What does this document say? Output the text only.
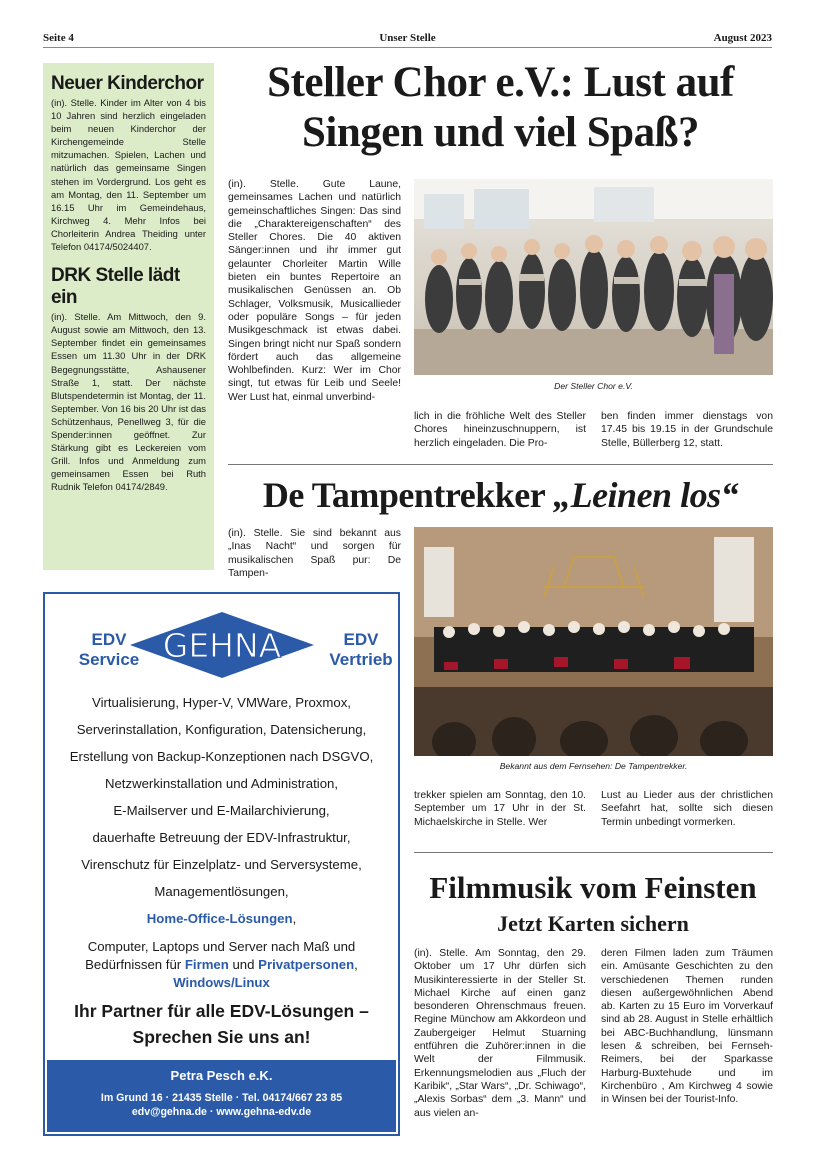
Seite 4	Unser Stelle	August 2023
Neuer Kinderchor
(in). Stelle. Kinder im Alter von 4 bis 10 Jahren sind herzlich eingeladen beim neuen Kinderchor der Kirchengemeinde Stelle mitzumachen. Spielen, Lachen und natürlich das gemeinsame Singen stehen im Vordergrund. Los geht es am Montag, den 11. September um 16.15 Uhr im Gemeindehaus, Kirchweg 4. Mehr Infos bei Chorleiterin Andrea Theiding unter Telefon 04174/5024407.
DRK Stelle lädt ein
(in). Stelle. Am Mittwoch, den 9. August sowie am Mittwoch, den 13. September findet ein gemeinsames Essen um 11.30 Uhr in der DRK Begegnungsstätte, Ashausener Straße 1, statt. Der nächste Blutspendetermin ist Montag, der 11. September. Von 16 bis 20 Uhr ist das Schützenhaus, Penellweg 3, für die Spender:innen geöffnet. Zur Stärkung gibt es Leckereien vom Grill. Infos und Anmeldung zum gemeinsamen Essen bei Ruth Rudnik Telefon 04174/2849.
Steller Chor e.V.: Lust auf
Singen und viel Spaß?
(in). Stelle. Gute Laune, gemeinsames Lachen und natürlich gemeinschaftliches Singen: Das sind die „Charaktereigenschaften“ des Steller Chores. Die 40 aktiven Sänger:innen und ihr immer gut gelaunter Chorleiter Martin Wille bieten ein buntes Repertoire an musikalischen Genüssen an. Ob Schlager, Volksmusik, Musicallieder oder populäre Songs – für jeden Musikgeschmack ist etwas dabei. Singen bringt nicht nur Spaß sondern fördert auch das allgemeine Wohlbefinden. Kurz: Wer im Chor singt, tut etwas für Leib und Seele! Wer Lust hat, einmal unverbind-
Der Steller Chor e.V.
lich in die fröhliche Welt des Steller Chores hineinzuschnuppern, ist herzlich eingeladen. Die Pro-
ben finden immer dienstags von 17.45 bis 19.15 in der Grundschule Stelle, Büllerberg 12, statt.
De Tampentrekker „Leinen los“
(in). Stelle. Sie sind bekannt aus „Inas Nacht“ und sorgen für musikalischen Spaß pur: De Tampen-
Bekannt aus dem Fernsehen: De Tampentrekker.
trekker spielen am Sonntag, den 10. September um 17 Uhr in der St. Michaelskirche in Stelle. Wer
Lust au Lieder aus der christlichen Seefahrt hat, sollte sich diesen Termin unbedingt vormerken.
Filmmusik vom Feinsten
Jetzt Karten sichern
(in). Stelle. Am Sonntag, den 29. Oktober um 17 Uhr dürfen sich Musikinteressierte in der Steller St. Michael Kirche auf einen ganz besonderen Ohrenschmaus freuen. Regine Münchow am Akkordeon und Zaubergeiger Helmut Stuarning entführen die Zuhörer:innen in die Welt der Filmmusik. Erkennungsmelodien aus „Fluch der Karibik“, „Star Wars“, „Dr. Schiwago“, „Alexis Sorbas“ dem „3. Mann“ und aus vielen an-
deren Filmen laden zum Träumen ein. Amüsante Geschichten zu den verschiedenen Themen runden diesen außergewöhnlichen Abend ab. Karten zu 15 Euro im Vorverkauf sind ab 28. August in Stelle erhältlich bei ABC-Buchhandlung, lünsmann lesen & schreiben, bei Fernseh-Reimers, bei der Sparkasse Harburg-Buxtehude und im Kirchenbüro , Am Kirchweg 4 sowie in Winsen bei der Tourist-Info.
EDV
Service GEHNA	EDV
Vertrieb
Virtualisierung, Hyper-V, VMWare, Proxmox,
Serverinstallation, Konfiguration, Datensicherung,
Erstellung von Backup-Konzeptionen nach DSGVO,
Netzwerkinstallation und Administration,
E-Mailserver und E-Mailarchivierung,
dauerhafte Betreuung der EDV-Infrastruktur,
Virenschutz für Einzelplatz- und Serversysteme,
Managementlösungen,
Home-Office-Lösungen,
Computer, Laptops und Server nach Maß und
Bedürfnissen für Firmen und Privatpersonen,
Windows/Linux
Ihr Partner für alle EDV-Lösungen –
Sprechen Sie uns an!
Petra Pesch e.K.
Im Grund 16 · 21435 Stelle · Tel. 04174/667 23 85
edv@gehna.de · www.gehna-edv.de
